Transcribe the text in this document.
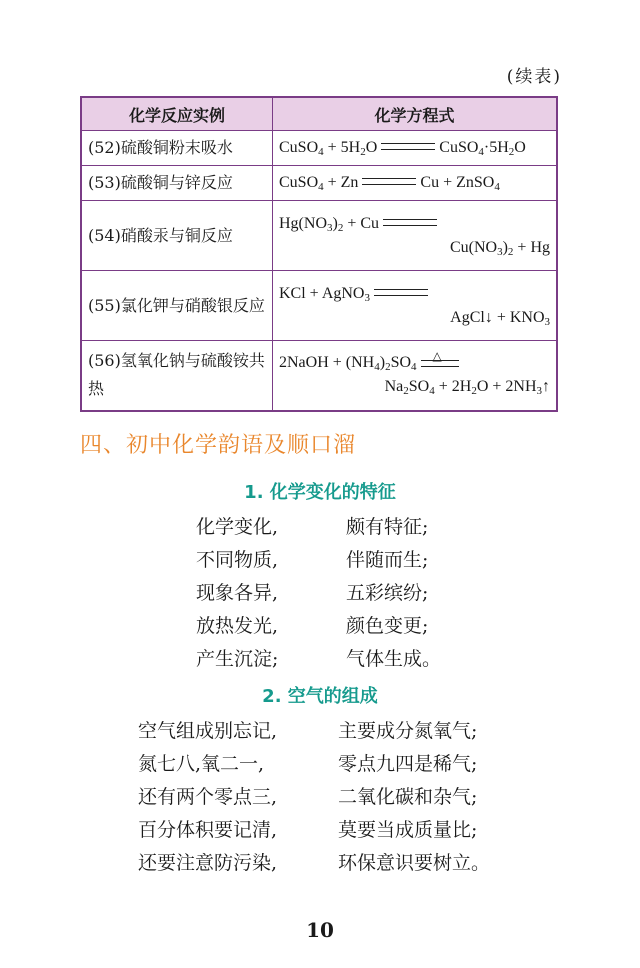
(续表)
化学反应实例	化学方程式
(52)硫酸铜粉末吸水	CuSO$_4$ + $5H_2O$ $CuSO_4\cdot 5H_2O$
(53)硫酸铜与锌反应	CuSO$_4$ + Zn Cu + ZnSO$_4$
(54)硝酸汞与铜反应	$Hg(NO_3)_2 + Cu$
$Cu(NO_3)_2 + Hg$

(55)氯化钾与硝酸银反应	KCl + AgNO$_3$
AgCl↓ + $KNO_3$

(56)氢氧化钠与硫酸铵共热	2NaOH + $(NH_4)_2SO_4$
△
$Na_2SO_4 + 2H_2O$ + $2NH_3↑$
四、初中化学韵语及顺口溜
1. 化学变化的特征
化学变化,	颇有特征;
不同物质,	伴随而生;
现象各异,	五彩缤纷;
放热发光,	颜色变更;
产生沉淀;	气体生成。
2. 空气的组成
空气组成别忘记,	主要成分氮氧气;
氮七八,氧二一,	零点九四是稀气;
还有两个零点三,	二氧化碳和杂气;
百分体积要记清,	莫要当成质量比;
还要注意防污染,	环保意识要树立。
10
